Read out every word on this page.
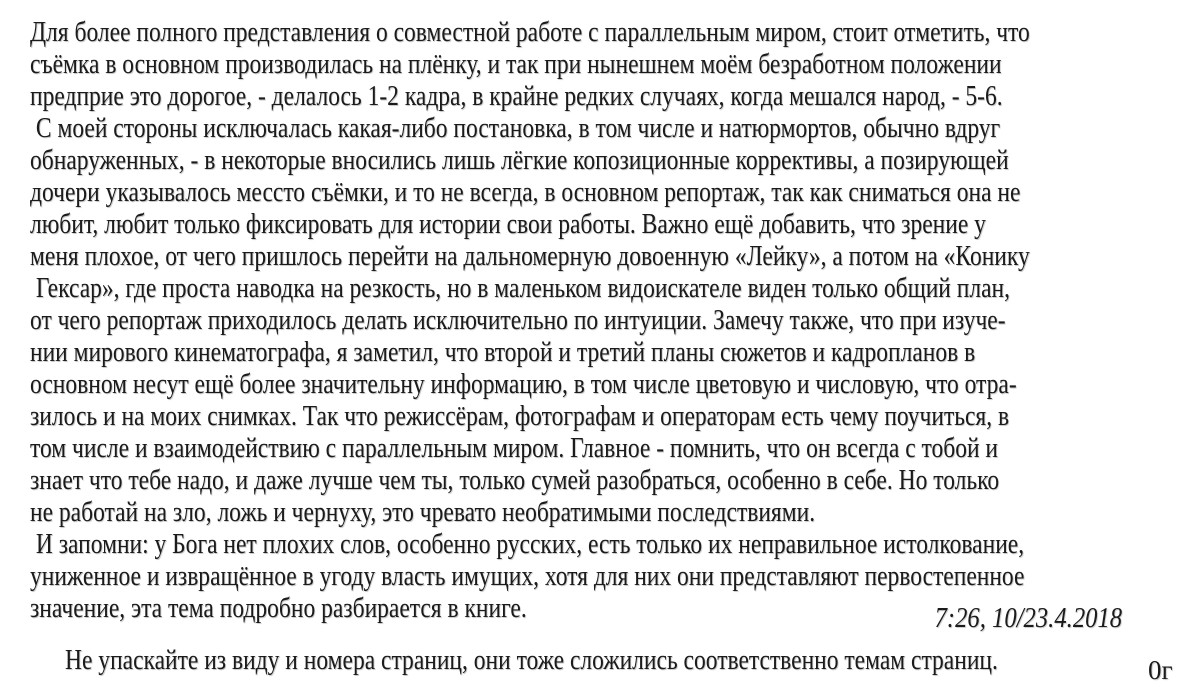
Для более полного представления о совместной работе с параллельным миром, стоит отметить, что
съёмка в основном производилась на плёнку, и так при нынешнем моём безработном положении
предприе это дорогое, - делалось 1-2 кадра, в крайне редких случаях, когда мешался народ, - 5-6.
С моей стороны исключалась какая-либо постановка, в том числе и натюрмортов, обычно вдруг
обнаруженных, - в некоторые вносились лишь лёгкие копозиционные коррективы, а позирующей
дочери указывалось мессто съёмки, и то не всегда, в основном репортаж, так как сниматься она не
любит, любит только фиксировать для истории свои работы. Важно ещё добавить, что зрение у
меня плохое, от чего пришлось перейти на дальномерную довоенную «Лейку», а потом на «Конику
Гексар», где проста наводка на резкость, но в маленьком видоискателе виден только общий план,
от чего репортаж приходилось делать исключительно по интуиции. Замечу также, что при изуче-
нии мирового кинематографа, я заметил, что второй и третий планы сюжетов и кадропланов в
основном несут ещё более значительну информацию, в том числе цветовую и числовую, что отра-
зилось и на моих снимках. Так что режиссёрам, фотографам и операторам есть чему поучиться, в
том числе и взаимодействию с параллельным миром. Главное - помнить, что он всегда с тобой и
знает что тебе надо, и даже лучше чем ты, только сумей разобраться, особенно в себе. Но только
не работай на зло, ложь и чернуху, это чревато необратимыми последствиями.
И запомни: у Бога нет плохих слов, особенно русских, есть только их неправильное истолкование,
униженное и извращённое в угоду власть имущих, хотя для них они представляют первостепенное
значение, эта тема подробно разбирается в книге.	7:26, 10/23.4.2018
Не упаскайте из виду и номера страниц, они тоже сложились соответственно темам страниц.	0г
